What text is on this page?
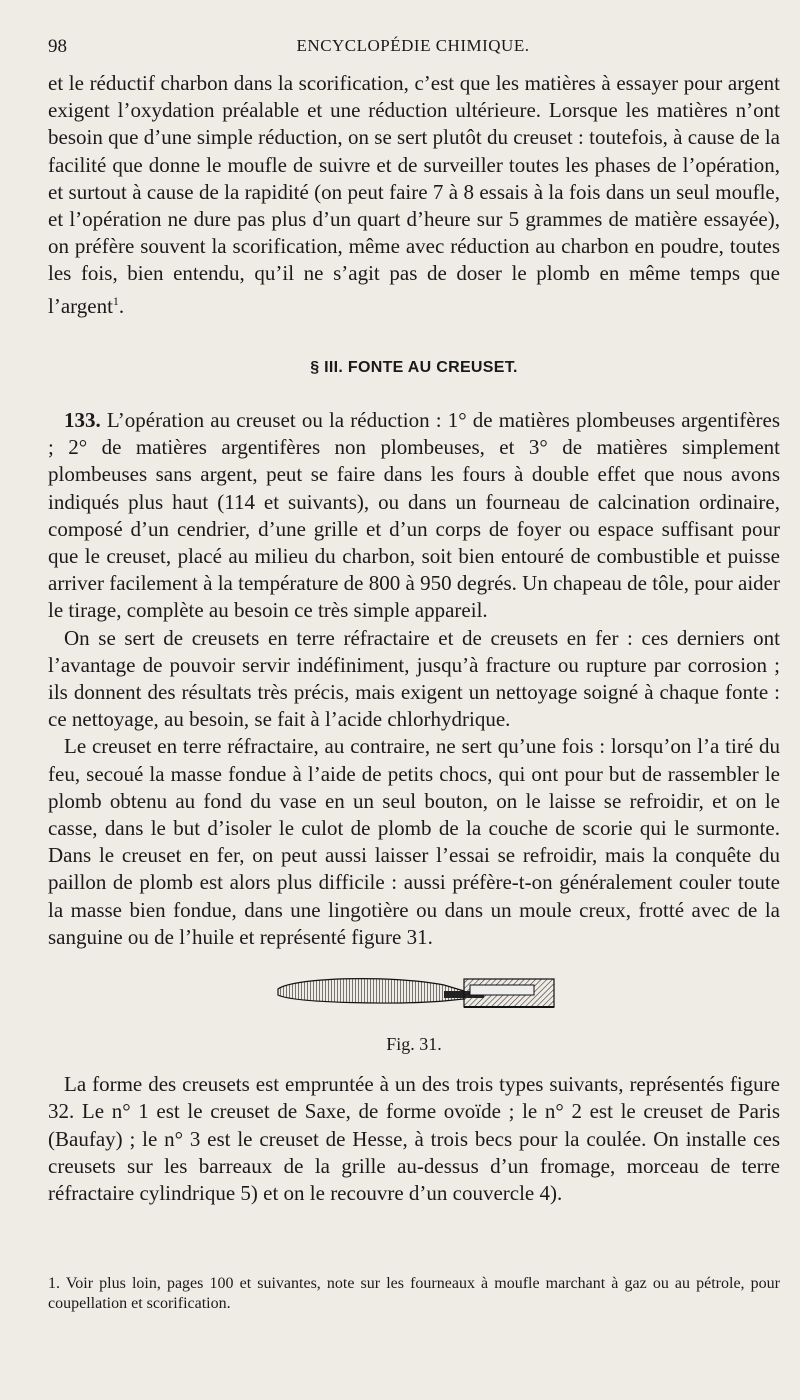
98	ENCYCLOPÉDIE CHIMIQUE.

et le réductif charbon dans la scorification, c’est que les matières à essayer pour argent exigent l’oxydation préalable et une réduction ultérieure. Lorsque les matières n’ont besoin que d’une simple réduction, on se sert plutôt du creuset : toutefois, à cause de la facilité que donne le moufle de suivre et de surveiller toutes les phases de l’opération, et surtout à cause de la rapidité (on peut faire 7 à 8 essais à la fois dans un seul moufle, et l’opération ne dure pas plus d’un quart d’heure sur 5 grammes de matière essayée), on préfère souvent la scorification, même avec réduction au charbon en poudre, toutes les fois, bien entendu, qu’il ne s’agit pas de doser le plomb en même temps que l’argent$^1$.

§ III. FONTE AU CREUSET.

133. L’opération au creuset ou la réduction : 1° de matières plombeuses argentifères ; 2° de matières argentifères non plombeuses, et 3° de matières simplement plombeuses sans argent, peut se faire dans les fours à double effet que nous avons indiqués plus haut (114 et suivants), ou dans un fourneau de calcination ordinaire, composé d’un cendrier, d’une grille et d’un corps de foyer ou espace suffisant pour que le creuset, placé au milieu du charbon, soit bien entouré de combustible et puisse arriver facilement à la température de 800 à 950 degrés. Un chapeau de tôle, pour aider le tirage, complète au besoin ce très simple appareil.

On se sert de creusets en terre réfractaire et de creusets en fer : ces derniers ont l’avantage de pouvoir servir indéfiniment, jusqu’à fracture ou rupture par corrosion ; ils donnent des résultats très précis, mais exigent un nettoyage soigné à chaque fonte : ce nettoyage, au besoin, se fait à l’acide chlorhydrique.

Le creuset en terre réfractaire, au contraire, ne sert qu’une fois : lorsqu’on l’a tiré du feu, secoué la masse fondue à l’aide de petits chocs, qui ont pour but de rassembler le plomb obtenu au fond du vase en un seul bouton, on le laisse se refroidir, et on le casse, dans le but d’isoler le culot de plomb de la couche de scorie qui le surmonte. Dans le creuset en fer, on peut aussi laisser l’essai se refroidir, mais la conquête du paillon de plomb est alors plus difficile : aussi préfère-t-on généralement couler toute la masse bien fondue, dans une lingotière ou dans un moule creux, frotté avec de la sanguine ou de l’huile et représenté figure 31.

Fig. 31.

La forme des creusets est empruntée à un des trois types suivants, représentés figure 32. Le n° 1 est le creuset de Saxe, de forme ovoïde ; le n° 2 est le creuset de Paris (Baufay) ; le n° 3 est le creuset de Hesse, à trois becs pour la coulée. On installe ces creusets sur les barreaux de la grille au-dessus d’un fromage, morceau de terre réfractaire cylindrique 5) et on le recouvre d’un couvercle 4).

1. Voir plus loin, pages 100 et suivantes, note sur les fourneaux à moufle marchant à gaz ou au pétrole, pour coupellation et scorification.
